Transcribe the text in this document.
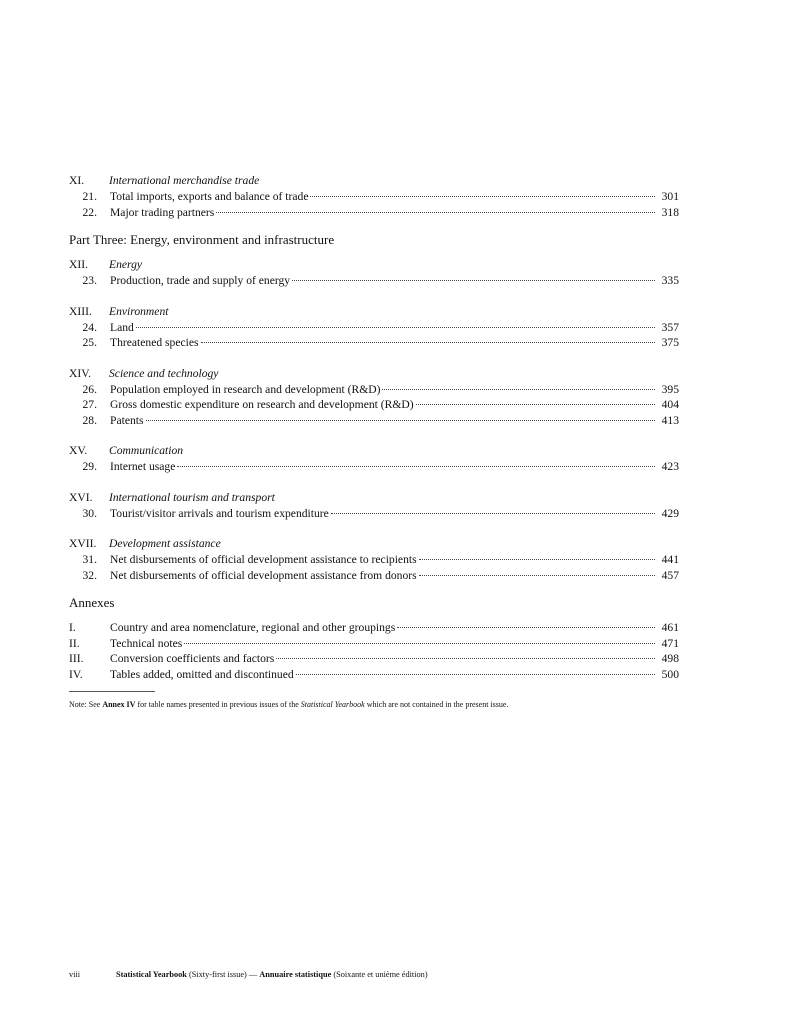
XI. International merchandise trade
21.	Total imports, exports and balance of trade	301
22.	Major trading partners	318
Part Three: Energy, environment and infrastructure
XII. Energy
23.	Production, trade and supply of energy	335
XIII. Environment
24.	Land	357
25.	Threatened species	375
XIV. Science and technology
26.	Population employed in research and development (R&D)	395
27.	Gross domestic expenditure on research and development (R&D)	404
28.	Patents	413
XV. Communication
29.	Internet usage	423
XVI. International tourism and transport
30.	Tourist/visitor arrivals and tourism expenditure	429
XVII. Development assistance
31.	Net disbursements of official development assistance to recipients	441
32.	Net disbursements of official development assistance from donors	457
Annexes
I.	Country and area nomenclature, regional and other groupings	461
II.	Technical notes	471
III.	Conversion coefficients and factors	498
IV.	Tables added, omitted and discontinued	500
Note: See Annex IV for table names presented in previous issues of the Statistical Yearbook which are not contained in the present issue.
viii	Statistical Yearbook (Sixty-first issue) — Annuaire statistique (Soixante et unième édition)
